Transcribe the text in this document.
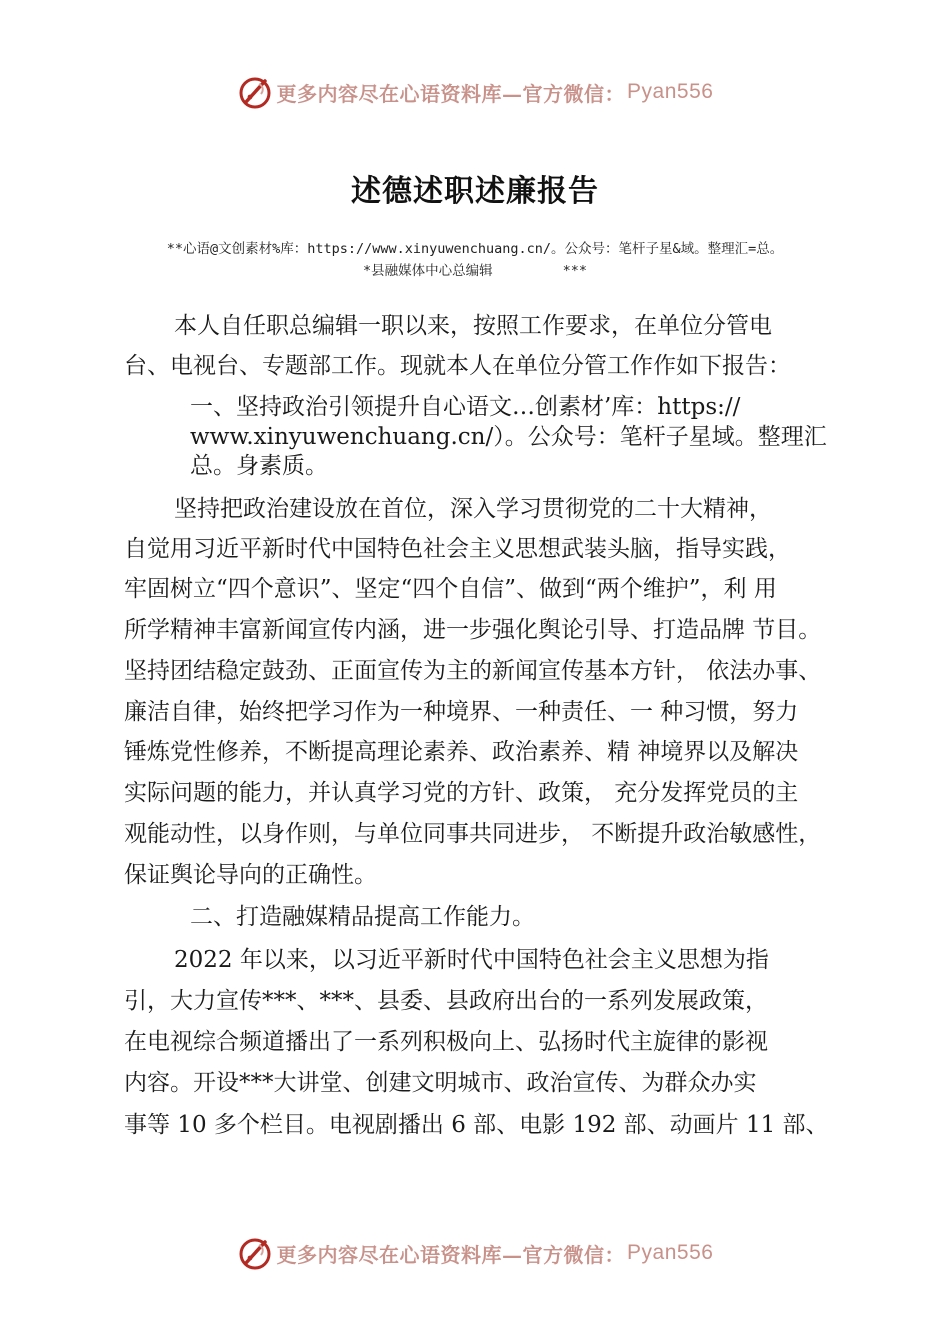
更多内容尽在心语资料库—官方微信： Pyan556
述德述职述廉报告
**心语@文创素材%库：https://www.xinyuwenchuang.cn/。公众号：笔杆子星&域。整理汇=总。
*县融媒体中心总编辑	***
本人自任职总编辑一职以来，按照工作要求，在单位分管电
台、电视台、专题部工作。现就本人在单位分管工作作如下报告：
一、坚持政治引领提升自心语文…创素材’库：https://
www.xinyuwenchuang.cn/）。公众号：笔杆子星域。整理汇
总。身素质。
坚持把政治建设放在首位，深入学习贯彻党的二十大精神，
自觉用习近平新时代中国特色社会主义思想武装头脑，指导实践，
牢固树立“四个意识”、坚定“四个自信”、做到“两个维护”，利 用
所学精神丰富新闻宣传内涵，进一步强化舆论引导、打造品牌 节目。
坚持团结稳定鼓劲、正面宣传为主的新闻宣传基本方针， 依法办事、
廉洁自律，始终把学习作为一种境界、一种责任、一 种习惯，努力
锤炼党性修养，不断提高理论素养、政治素养、精 神境界以及解决
实际问题的能力，并认真学习党的方针、政策， 充分发挥党员的主
观能动性，以身作则，与单位同事共同进步， 不断提升政治敏感性，
保证舆论导向的正确性。
二、打造融媒精品提高工作能力。
2022 年以来，以习近平新时代中国特色社会主义思想为指
引，大力宣传***、***、县委、县政府出台的一系列发展政策，
在电视综合频道播出了一系列积极向上、弘扬时代主旋律的影视
内容。开设***大讲堂、创建文明城市、政治宣传、为群众办实
事等 10 多个栏目。电视剧播出 6 部、电影 192 部、动画片 11 部、
更多内容尽在心语资料库—官方微信： Pyan556
